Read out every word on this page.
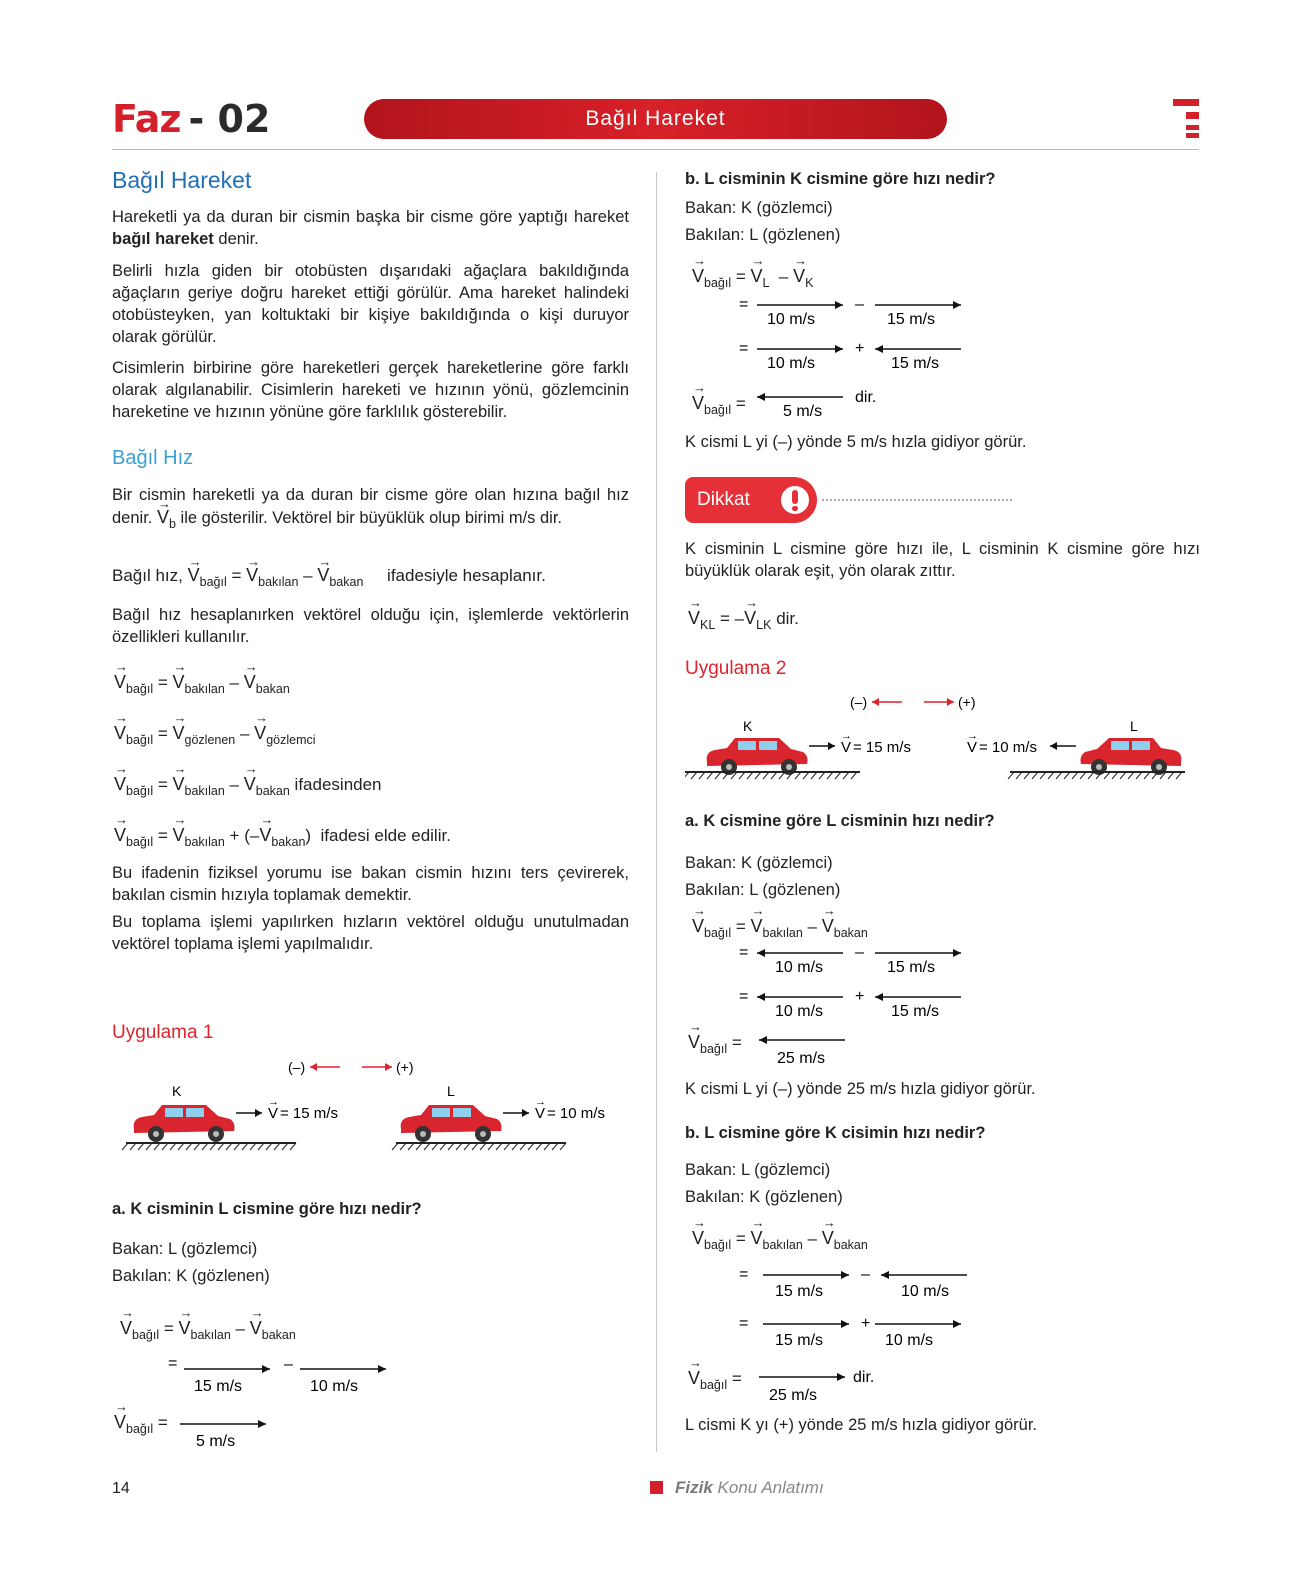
Faz - 02	Bağıl Hareket
Bağıl Hareket
Hareketli ya da duran bir cismin başka bir cisme göre yaptığı hareket bağıl hareket denir.
Belirli hızla giden bir otobüsten dışarıdaki ağaçlara bakıldığında ağaçların geriye doğru hareket ettiği görülür. Ama hareket halindeki otobüsteyken, yan koltuktaki bir kişiye bakıldığında o kişi duruyor olarak görülür.
Cisimlerin birbirine göre hareketleri gerçek hareketlerine göre farklı olarak algılanabilir. Cisimlerin hareketi ve hızının yönü, gözlemcinin hareketine ve hızının yönüne göre farklılık gösterebilir.
Bağıl Hız
Bir cismin hareketli ya da duran bir cisme göre olan hızına bağıl hız denir. → $V_b$ ile gösterilir. Vektörel bir büyüklük olup birimi m/s dir.
Bağıl hız, → $V_{bağıl}$ = → $V_{bakılan}$ – → $V_{bakan}$ ifadesiyle hesaplanır.
Bağıl hız hesaplanırken vektörel olduğu için, işlemlerde vektörlerin özellikleri kullanılır.
→ $V_{bağıl}$ = → $V_{bakılan}$ – → $V_{bakan}$
→ $V_{bağıl}$ = → $V_{gözlenen}$ – → $V_{gözlemci}$
→ $V_{bağıl}$ = → $V_{bakılan}$ – → $V_{bakan}$ ifadesinden
→ $V_{bağıl}$ = → $V_{bakılan}$ + (–→ $V_{bakan}$)  ifadesi elde edilir.
Bu ifadenin fiziksel yorumu ise bakan cismin hızını ters çevirerek, bakılan cismin hızıyla toplamak demektir.
Bu toplama işlemi yapılırken hızların vektörel olduğu unutulmadan vektörel toplama işlemi yapılmalıdır.
Uygulama 1
(–)	(+)
K	L
V
→
= 15 m/s	V
→
= 10 m/s
a. K cisminin L cismine göre hızı nedir?
Bakan: L (gözlemci)
Bakılan: K (gözlenen)
→ $V_{bağıl}$ = → $V_{bakılan}$ – → $V_{bakan}$
=	–
15 m/s	10 m/s
→ $V_{bağıl}$ =
5 m/s
b. L cisminin K cismine göre hızı nedir?
Bakan: K (gözlemci)
Bakılan: L (gözlenen)
→ $V_{bağıl}$ = → $V_L$  – → $V_K$
=	–
10 m/s	15 m/s
=	+
10 m/s	15 m/s
→ $V_{bağıl} = 5$ m/s
dir.
K cismi L yi (–) yönde 5 m/s hızla gidiyor görür.
Dikkat
K cisminin L cismine göre hızı ile, L cisminin K cismine göre hızı büyüklük olarak eşit, yön olarak zıttır.
→ $V_{KL}$ = –→ $V_{LK}$ dir.
Uygulama 2
(–)	(+)
K	L
V
→
= 15 m/s	V
→
= 10 m/s
a. K cismine göre L cisminin hızı nedir?
Bakan: K (gözlemci)
Bakılan: L (gözlenen)
→ $V_{bağıl}$ = → $V_{bakılan}$ – → $V_{bakan}$
=	–
10 m/s	15 m/s
=	+
10 m/s	15 m/s
→ $V_{bağıl}$ =
25 m/s
K cismi L yi (–) yönde 25 m/s hızla gidiyor görür.
b. L cismine göre K cisimin hızı nedir?
Bakan: L (gözlemci)
Bakılan: K (gözlenen)
→ $V_{bağıl}$ = → $V_{bakılan}$ – → $V_{bakan}$
=	–
15 m/s	10 m/s
=	+
15 m/s	10 m/s
→ $V_{bağıl}$ =
25 m/s
dir.
L cismi K yı (+) yönde 25 m/s hızla gidiyor görür.
14	Fizik Konu Anlatımı
